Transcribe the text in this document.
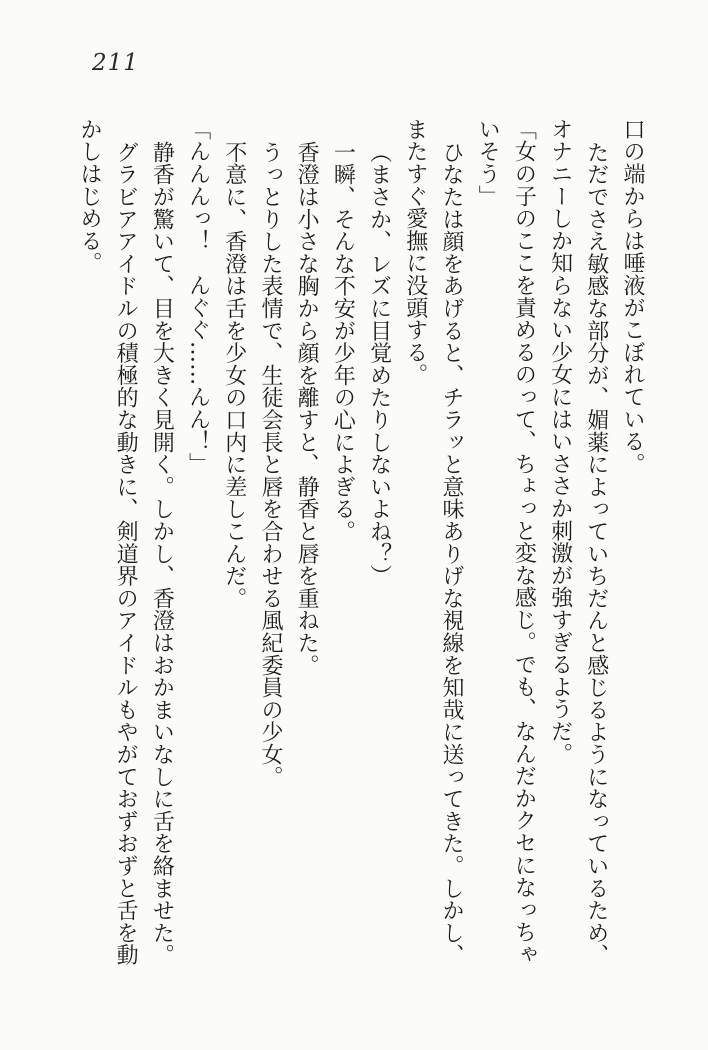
211
口の端からは唾液がこぼれている。
ただでさえ敏感な部分が、媚薬によっていちだんと感じるようになっているため、
オナニーしか知らない少女にはいささか刺激が強すぎるようだ。
「女の子のここを責めるのって、ちょっと変な感じ。でも、なんだかクセになっちゃ
いそう」
ひなたは顔をあげると、チラッと意味ありげな視線を知哉に送ってきた。しかし、
またすぐ愛撫に没頭する。
（まさか、レズに目覚めたりしないよね？）
一瞬、そんな不安が少年の心によぎる。
香澄は小さな胸から顔を離すと、静香と唇を重ねた。
うっとりした表情で、生徒会長と唇を合わせる風紀委員の少女。
不意に、香澄は舌を少女の口内に差しこんだ。
「んんんっ！　んぐぐ……んん！」
静香が驚いて、目を大きく見開く。しかし、香澄はおかまいなしに舌を絡ませた。
グラビアアイドルの積極的な動きに、剣道界のアイドルもやがておずおずと舌を動
かしはじめる。
